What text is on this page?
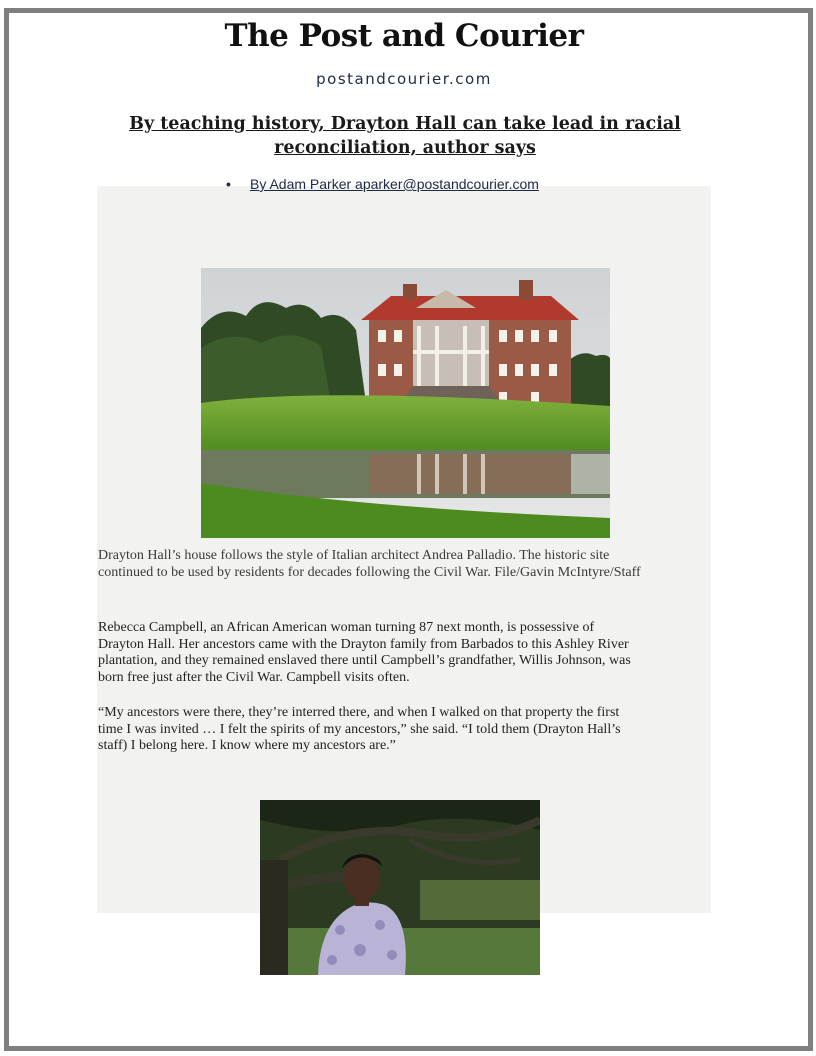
The Post and Courier
postandcourier.com
By teaching history, Drayton Hall can take lead in racial
reconciliation, author says
• By Adam Parker aparker@postandcourier.com
Drayton Hall’s house follows the style of Italian architect Andrea Palladio. The historic site
continued to be used by residents for decades following the Civil War. File/Gavin McIntyre/Staff
Rebecca Campbell, an African American woman turning 87 next month, is possessive of
Drayton Hall. Her ancestors came with the Drayton family from Barbados to this Ashley River
plantation, and they remained enslaved there until Campbell’s grandfather, Willis Johnson, was
born free just after the Civil War. Campbell visits often.
“My ancestors were there, they’re interred there, and when I walked on that property the first
time I was invited … I felt the spirits of my ancestors,” she said. “I told them (Drayton Hall’s
staff) I belong here. I know where my ancestors are.”
